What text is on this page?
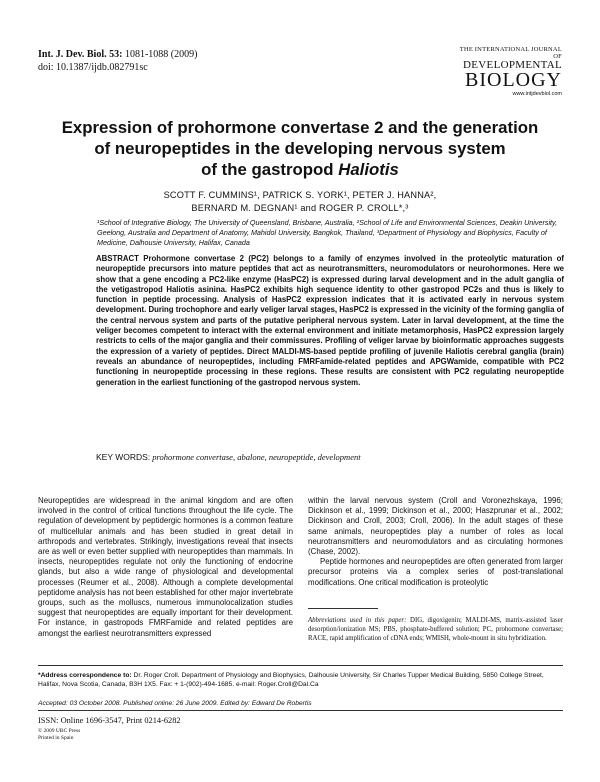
Int. J. Dev. Biol. 53: 1081-1088 (2009)
doi: 10.1387/ijdb.082791sc
THE INTERNATIONAL JOURNAL OF
DEVELOPMENTAL
BIOLOGY
www.intjdevbiol.com
Expression of prohormone convertase 2 and the generation
of neuropeptides in the developing nervous system
of the gastropod Haliotis
SCOTT F. CUMMINS¹, PATRICK S. YORK¹, PETER J. HANNA²,
BERNARD M. DEGNAN¹ and ROGER P. CROLL*,³
¹School of Integrative Biology, The University of Queensland, Brisbane, Australia, ²School of Life and Environmental Sciences, Deakin University, Geelong, Australia and Department of Anatomy, Mahidol University, Bangkok, Thailand, ³Department of Physiology and Biophysics, Faculty of Medicine, Dalhousie University, Halifax, Canada
ABSTRACT Prohormone convertase 2 (PC2) belongs to a family of enzymes involved in the proteolytic maturation of neuropeptide precursors into mature peptides that act as neurotransmitters, neuromodulators or neurohormones. Here we show that a gene encoding a PC2-like enzyme (HasPC2) is expressed during larval development and in the adult ganglia of the vetigastropod Haliotis asinina. HasPC2 exhibits high sequence identity to other gastropod PC2s and thus is likely to function in peptide processing. Analysis of HasPC2 expression indicates that it is activated early in nervous system development. During trochophore and early veliger larval stages, HasPC2 is expressed in the vicinity of the forming ganglia of the central nervous system and parts of the putative peripheral nervous system. Later in larval development, at the time the veliger becomes competent to interact with the external environment and initiate metamorphosis, HasPC2 expression largely restricts to cells of the major ganglia and their commissures. Profiling of veliger larvae by bioinformatic approaches suggests the expression of a variety of peptides. Direct MALDI-MS-based peptide profiling of juvenile Haliotis cerebral ganglia (brain) reveals an abundance of neuropeptides, including FMRFamide-related peptides and APGWamide, compatible with PC2 functioning in neuropeptide processing in these regions. These results are consistent with PC2 regulating neuropeptide generation in the earliest functioning of the gastropod nervous system.
KEY WORDS: prohormone convertase, abalone, neuropeptide, development
Neuropeptides are widespread in the animal kingdom and are often involved in the control of critical functions throughout the life cycle. The regulation of development by peptidergic hormones is a common feature of multicellular animals and has been studied in great detail in arthropods and vertebrates. Strikingly, investigations reveal that insects are as well or even better supplied with neuropeptides than mammals. In insects, neuropeptides regulate not only the functioning of endocrine glands, but also a wide range of physiological and developmental processes (Reumer et al., 2008). Although a complete developmental peptidome analysis has not been established for other major invertebrate groups, such as the molluscs, numerous immunolocalization studies suggest that neuropeptides are equally important for their development. For instance, in gastropods FMRFamide and related peptides are amongst the earliest neurotransmitters expressed

within the larval nervous system (Croll and Voronezhskaya, 1996; Dickinson et al., 1999; Dickinson et al., 2000; Haszprunar et al., 2002; Dickinson and Croll, 2003; Croll, 2006). In the adult stages of these same animals, neuropeptides play a number of roles as local neurotransmitters and neuromodulators and as circulating hormones (Chase, 2002).

Peptide hormones and neuropeptides are often generated from larger precursor proteins via a complex series of post-translational modifications. One critical modification is proteolytic

Abbreviations used in this paper: DIG, digoxigenin; MALDI-MS, matrix-assisted laser desorption/ionization MS; PBS, phosphate-buffered solution; PC, prohormone convertase; RACE, rapid amplification of cDNA ends; WMISH, whole-mount in situ hybridization.
*Address correspondence to: Dr. Roger Croll. Department of Physiology and Biophysics, Dalhousie University, Sir Charles Tupper Medical Building, 5850 College Street, Halifax, Nova Scotia, Canada, B3H 1X5. Fax: + 1-(902)-494-1685. e-mail: Roger.Croll@Dal.Ca
Accepted: 03 October 2008. Published online: 26 June 2009. Edited by: Edward De Robertis
ISSN: Online 1696-3547, Print 0214-6282
© 2009 UBC Press
Printed in Spain
